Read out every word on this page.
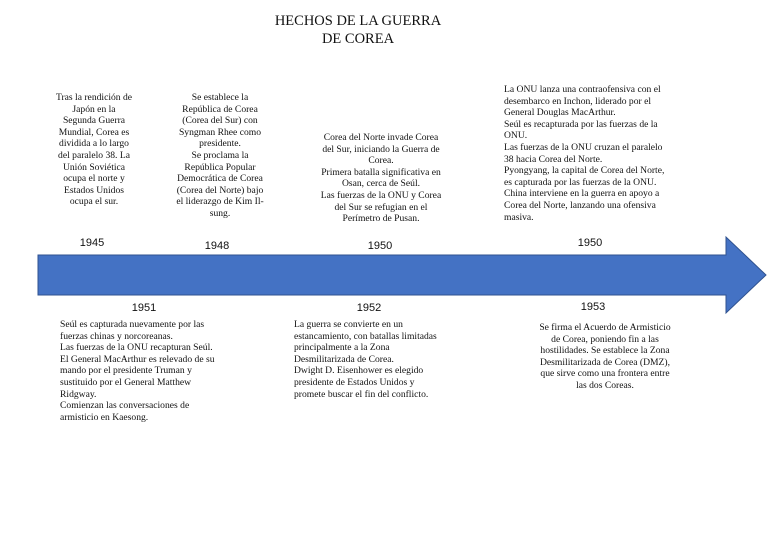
HECHOS DE LA GUERRA
DE COREA
Tras la rendición de
Japón en la
Segunda Guerra
Mundial, Corea es
dividida a lo largo
del paralelo 38. La
Unión Soviética
ocupa el norte y
Estados Unidos
ocupa el sur.
1945
Se establece la
República de Corea
(Corea del Sur) con
Syngman Rhee como
presidente.
Se proclama la
República Popular
Democrática de Corea
(Corea del Norte) bajo
el liderazgo de Kim Il-
sung.
1948
Corea del Norte invade Corea
del Sur, iniciando la Guerra de
Corea.
Primera batalla significativa en
Osan, cerca de Seúl.
Las fuerzas de la ONU y Corea
del Sur se refugian en el
Perímetro de Pusan.
1950
La ONU lanza una contraofensiva con el
desembarco en Inchon, liderado por el
General Douglas MacArthur.
Seúl es recapturada por las fuerzas de la
ONU.
Las fuerzas de la ONU cruzan el paralelo
38 hacia Corea del Norte.
Pyongyang, la capital de Corea del Norte,
es capturada por las fuerzas de la ONU.
China interviene en la guerra en apoyo a
Corea del Norte, lanzando una ofensiva
masiva.
1950
1951
Seúl es capturada nuevamente por las
fuerzas chinas y norcoreanas.
Las fuerzas de la ONU recapturan Seúl.
El General MacArthur es relevado de su
mando por el presidente Truman y
sustituido por el General Matthew
Ridgway.
Comienzan las conversaciones de
armisticio en Kaesong.
1952
La guerra se convierte en un
estancamiento, con batallas limitadas
principalmente a la Zona
Desmilitarizada de Corea.
Dwight D. Eisenhower es elegido
presidente de Estados Unidos y
promete buscar el fin del conflicto.
1953
Se firma el Acuerdo de Armisticio
de Corea, poniendo fin a las
hostilidades. Se establece la Zona
Desmilitarizada de Corea (DMZ),
que sirve como una frontera entre
las dos Coreas.
